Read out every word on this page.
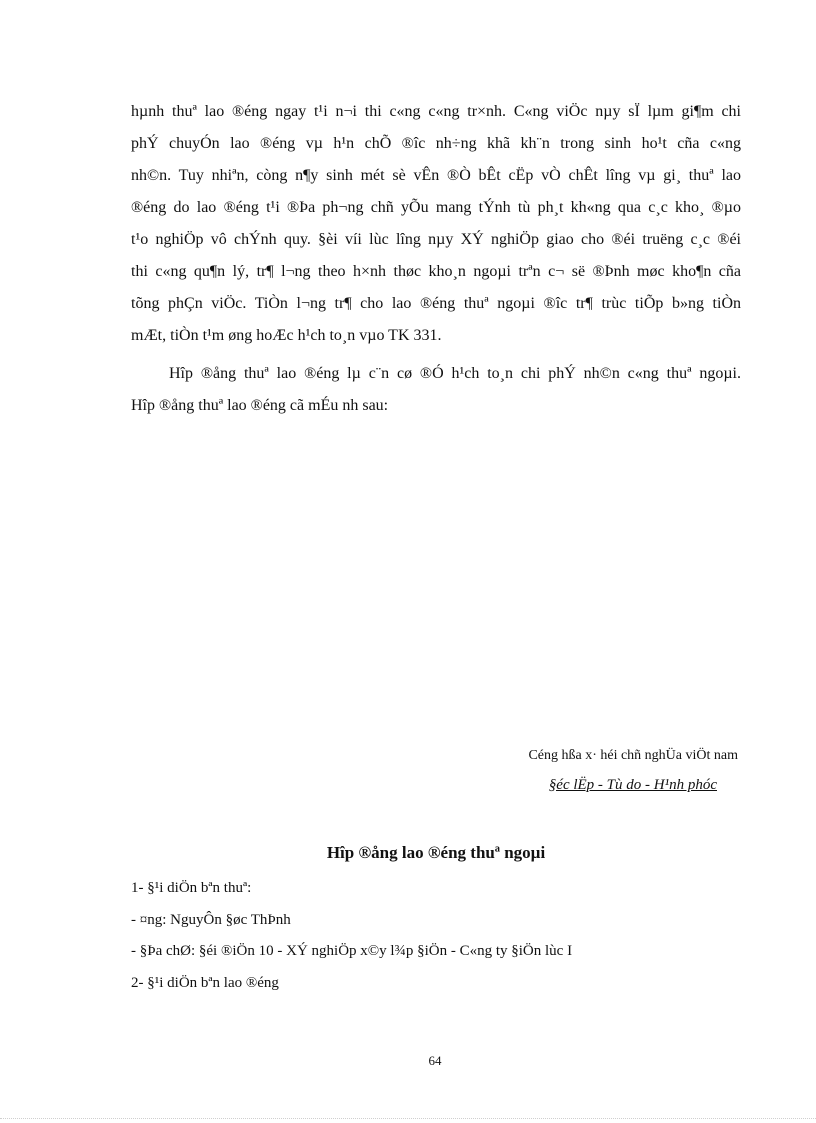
hµnh thuª lao ®éng ngay t¹i n¬i thi c«ng c«ng tr×nh. C«ng viÖc nµy sÏ lµm gi¶m chi
phÝ chuyÓn lao ®éng vµ h¹n chÕ ®îc nh÷ng khã kh¨n trong sinh ho¹t cña c«ng
nh©n. Tuy nhiªn, còng n¶y sinh mét sè vÊn ®Ò bÊt cËp vÒ chÊt lîng vµ gi¸ thuª lao
®éng do lao ®éng t¹i ®Þa ph¬ng chñ yÕu mang tÝnh tù ph¸t kh«ng qua c¸c kho¸ ®µo
t¹o nghiÖp vô chÝnh quy. §èi víi lùc lîng nµy XÝ nghiÖp giao cho ®éi truëng c¸c ®éi
thi c«ng qu¶n lý, tr¶ l¬ng theo h×nh thøc kho¸n ngoµi trªn c¬ së ®Þnh møc kho¶n cña
tõng phÇn viÖc. TiÒn l¬ng tr¶ cho lao ®éng thuª ngoµi ®îc tr¶ trùc tiÕp b»ng tiÒn
mÆt, tiÒn t¹m øng hoÆc h¹ch to¸n vµo TK 331.
Hîp ®ång thuª lao ®éng lµ c¨n cø ®Ó h¹ch to¸n chi phÝ nh©n c«ng thuª ngoµi.
Hîp ®ång thuª lao ®éng cã mÉu nh sau:

Céng hßa x· héi chñ nghÜa viÖt nam

§éc lËp - Tù do - H¹nh phóc

Hîp ®ång lao ®éng thuª ngoµi
1- §¹i diÖn bªn thuª:
- ¤ng: NguyÔn §øc ThÞnh
- §Þa chØ: §éi ®iÖn 10 - XÝ nghiÖp x©y l¾p §iÖn - C«ng ty §iÖn lùc I
2- §¹i diÖn bªn lao ®éng

64
